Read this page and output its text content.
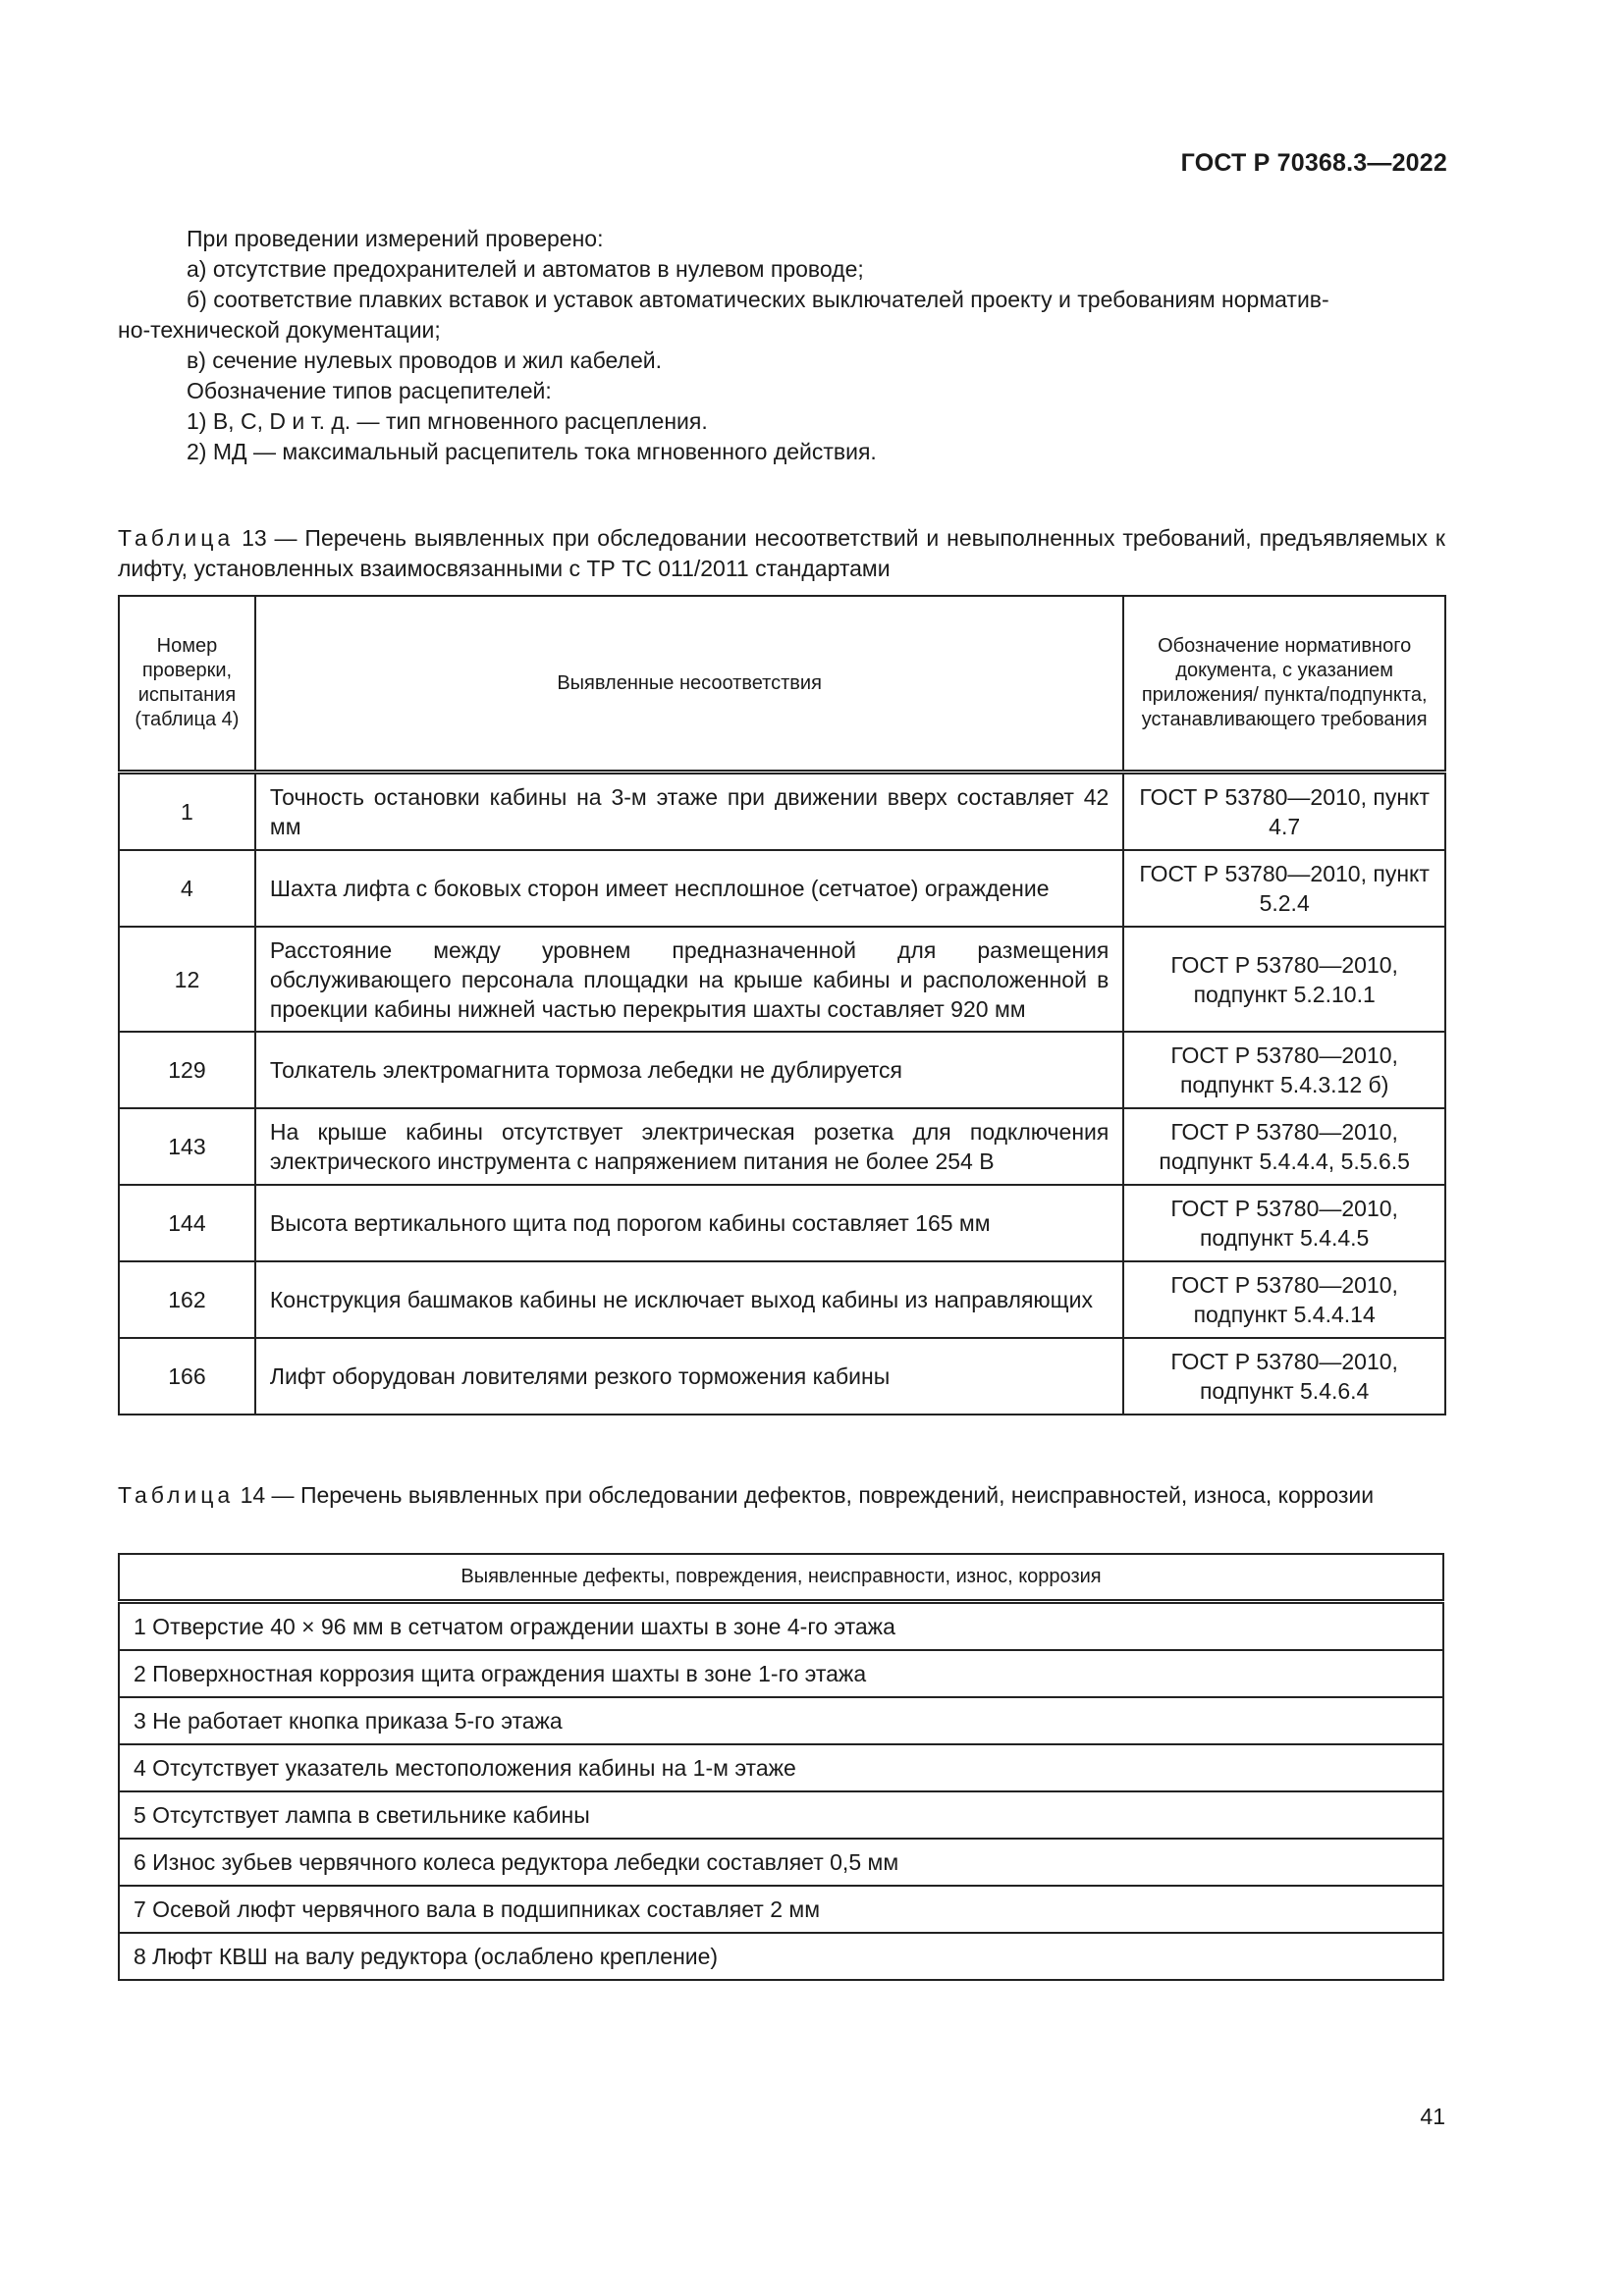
ГОСТ Р 70368.3—2022

При проведении измерений проверено:

а) отсутствие предохранителей и автоматов в нулевом проводе;

б) соответствие плавких вставок и уставок автоматических выключателей проекту и требованиям норматив-

но-технической документации;

в) сечение нулевых проводов и жил кабелей.

Обозначение типов расцепителей:

1) В, С, D и т. д. — тип мгновенного расцепления.

2) МД — максимальный расцепитель тока мгновенного действия.

Таблица 13 — Перечень выявленных при обследовании несоответствий и невыполненных требований, предъявляемых к лифту, установленных взаимосвязанными с ТР ТС 011/2011 стандартами
Номер проверки, испытания (таблица 4)	Выявленные несоответствия	Обозначение нормативного документа, с указанием приложения/ пункта/подпункта, устанавливающего требования
1	Точность остановки кабины на 3-м этаже при движении вверх составляет 42 мм	ГОСТ Р 53780—2010, пункт 4.7
4	Шахта лифта с боковых сторон имеет несплошное (сетчатое) ограждение	ГОСТ Р 53780—2010, пункт 5.2.4
12	Расстояние между уровнем предназначенной для размещения обслуживающего персонала площадки на крыше кабины и расположенной в проекции кабины нижней частью перекрытия шахты составляет 920 мм	ГОСТ Р 53780—2010, подпункт 5.2.10.1
129	Толкатель электромагнита тормоза лебедки не дублируется	ГОСТ Р 53780—2010, подпункт 5.4.3.12 б)
143	На крыше кабины отсутствует электрическая розетка для подключения электрического инструмента с напряжением питания не более 254 В	ГОСТ Р 53780—2010, подпункт 5.4.4.4, 5.5.6.5
144	Высота вертикального щита под порогом кабины составляет 165 мм	ГОСТ Р 53780—2010, подпункт 5.4.4.5
162	Конструкция башмаков кабины не исключает выход кабины из направляющих	ГОСТ Р 53780—2010, подпункт 5.4.4.14
166	Лифт оборудован ловителями резкого торможения кабины	ГОСТ Р 53780—2010, подпункт 5.4.6.4
Таблица 14 — Перечень выявленных при обследовании дефектов, повреждений, неисправностей, износа, коррозии
Выявленные дефекты, повреждения, неисправности, износ, коррозия
1 Отверстие 40 × 96 мм в сетчатом ограждении шахты в зоне 4-го этажа
2 Поверхностная коррозия щита ограждения шахты в зоне 1-го этажа
3 Не работает кнопка приказа 5-го этажа
4 Отсутствует указатель местоположения кабины на 1-м этаже
5 Отсутствует лампа в светильнике кабины
6 Износ зубьев червячного колеса редуктора лебедки составляет 0,5 мм
7 Осевой люфт червячного вала в подшипниках составляет 2 мм
8 Люфт КВШ на валу редуктора (ослаблено крепление)
41
